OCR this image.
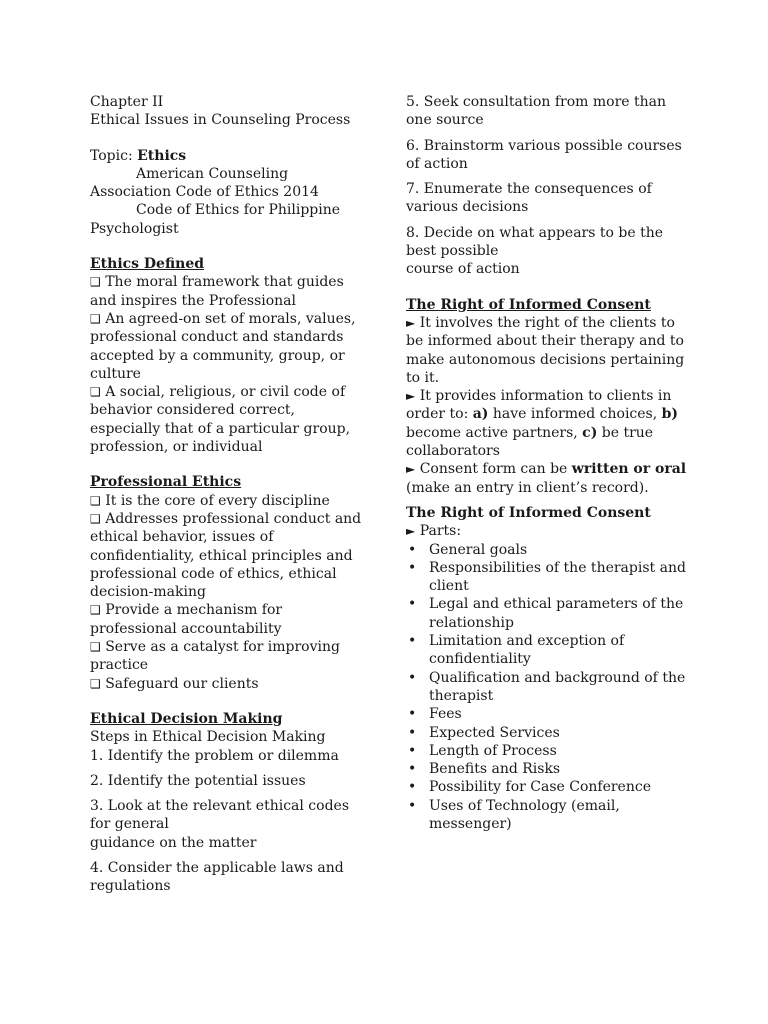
Chapter II

Ethical Issues in Counseling Process

Topic: Ethics

American Counseling

Association Code of Ethics 2014

Code of Ethics for Philippine

Psychologist

Ethics Defined

❑ The moral framework that guides and inspires the Professional

❑ An agreed-on set of morals, values, professional conduct and standards accepted by a community, group, or culture

❑ A social, religious, or civil code of behavior considered correct, especially that of a particular group, profession, or individual

Professional Ethics

❑ It is the core of every discipline

❑ Addresses professional conduct and ethical behavior, issues of confidentiality, ethical principles and professional code of ethics, ethical decision-making

❑ Provide a mechanism for professional accountability

❑ Serve as a catalyst for improving practice

❑ Safeguard our clients

Ethical Decision Making

Steps in Ethical Decision Making

1. Identify the problem or dilemma

2. Identify the potential issues

3. Look at the relevant ethical codes for general

guidance on the matter

4. Consider the applicable laws and regulations

5. Seek consultation from more than one source

6. Brainstorm various possible courses of action

7. Enumerate the consequences of various decisions

8. Decide on what appears to be the best possible

course of action

The Right of Informed Consent

► It involves the right of the clients to be informed about their therapy and to make autonomous decisions pertaining to it.

► It provides information to clients in order to: a) have informed choices, b) become active partners, c) be true collaborators

► Consent form can be written or oral (make an entry in client’s record).

The Right of Informed Consent

► Parts:

• General goals
• Responsibilities of the therapist and client
• Legal and ethical parameters of the relationship
• Limitation and exception of confidentiality
• Qualification and background of the therapist
• Fees
• Expected Services
• Length of Process
• Benefits and Risks
• Possibility for Case Conference
• Uses of Technology (email, messenger)
